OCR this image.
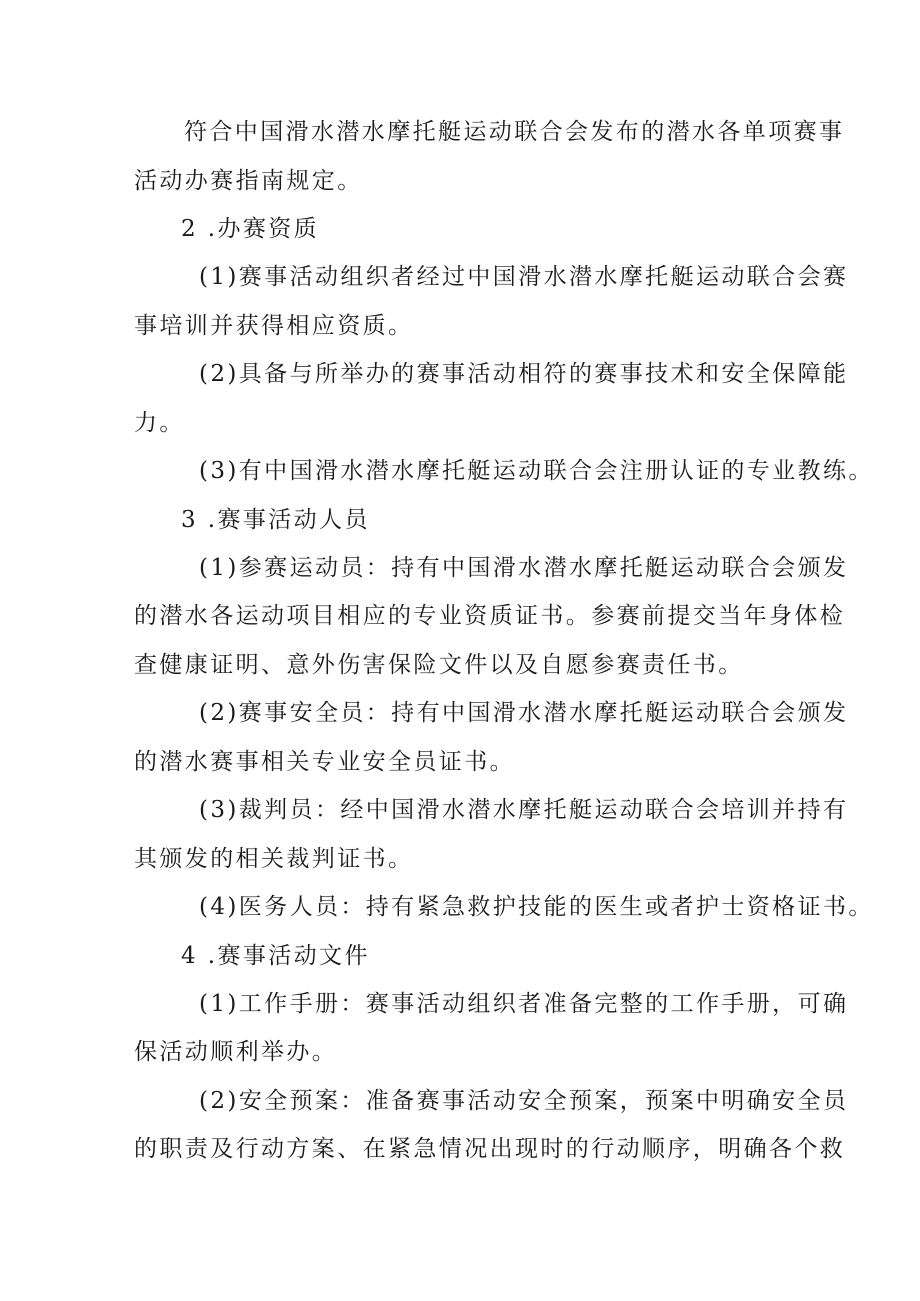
符合中国滑水潜水摩托艇运动联合会发布的潜水各单项赛事
活动办赛指南规定。
2 .办赛资质
(1)赛事活动组织者经过中国滑水潜水摩托艇运动联合会赛
事培训并获得相应资质。
(2)具备与所举办的赛事活动相符的赛事技术和安全保障能
力。
(3)有中国滑水潜水摩托艇运动联合会注册认证的专业教练。
3 .赛事活动人员
(1)参赛运动员：持有中国滑水潜水摩托艇运动联合会颁发
的潜水各运动项目相应的专业资质证书。参赛前提交当年身体检
查健康证明、意外伤害保险文件以及自愿参赛责任书。
(2)赛事安全员：持有中国滑水潜水摩托艇运动联合会颁发
的潜水赛事相关专业安全员证书。
(3)裁判员：经中国滑水潜水摩托艇运动联合会培训并持有
其颁发的相关裁判证书。
(4)医务人员：持有紧急救护技能的医生或者护士资格证书。
4 .赛事活动文件
(1)工作手册：赛事活动组织者准备完整的工作手册，可确
保活动顺利举办。
(2)安全预案：准备赛事活动安全预案，预案中明确安全员
的职责及行动方案、在紧急情况出现时的行动顺序，明确各个救
